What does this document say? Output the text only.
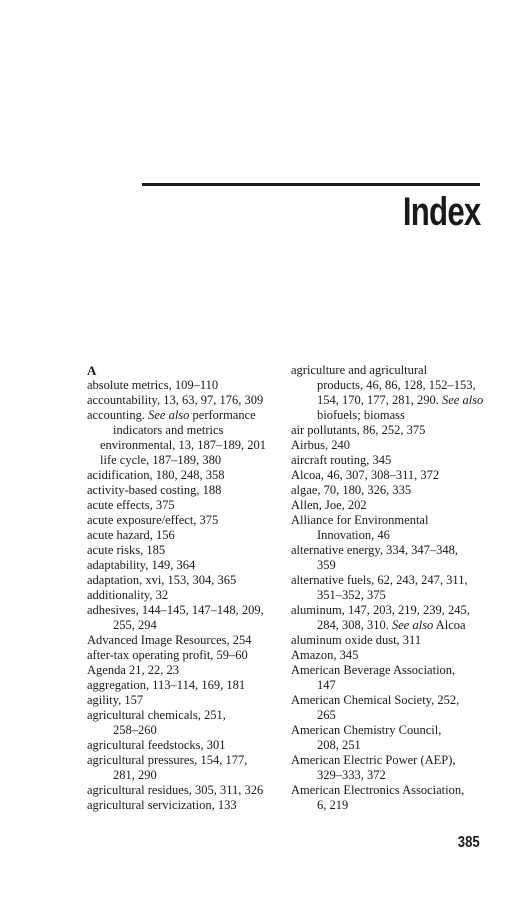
Index
A
absolute metrics, 109–110
accountability, 13, 63, 97, 176, 309
accounting. See also performance
indicators and metrics
environmental, 13, 187–189, 201
life cycle, 187–189, 380
acidification, 180, 248, 358
activity-based costing, 188
acute effects, 375
acute exposure/effect, 375
acute hazard, 156
acute risks, 185
adaptability, 149, 364
adaptation, xvi, 153, 304, 365
additionality, 32
adhesives, 144–145, 147–148, 209,
255, 294
Advanced Image Resources, 254
after-tax operating profit, 59–60
Agenda 21, 22, 23
aggregation, 113–114, 169, 181
agility, 157
agricultural chemicals, 251,
258–260
agricultural feedstocks, 301
agricultural pressures, 154, 177,
281, 290
agricultural residues, 305, 311, 326
agricultural servicization, 133
agriculture and agricultural
products, 46, 86, 128, 152–153,
154, 170, 177, 281, 290. See also
biofuels; biomass
air pollutants, 86, 252, 375
Airbus, 240
aircraft routing, 345
Alcoa, 46, 307, 308–311, 372
algae, 70, 180, 326, 335
Allen, Joe, 202
Alliance for Environmental
Innovation, 46
alternative energy, 334, 347–348,
359
alternative fuels, 62, 243, 247, 311,
351–352, 375
aluminum, 147, 203, 219, 239, 245,
284, 308, 310. See also Alcoa
aluminum oxide dust, 311
Amazon, 345
American Beverage Association,
147
American Chemical Society, 252,
265
American Chemistry Council,
208, 251
American Electric Power (AEP),
329–333, 372
American Electronics Association,
6, 219
385
